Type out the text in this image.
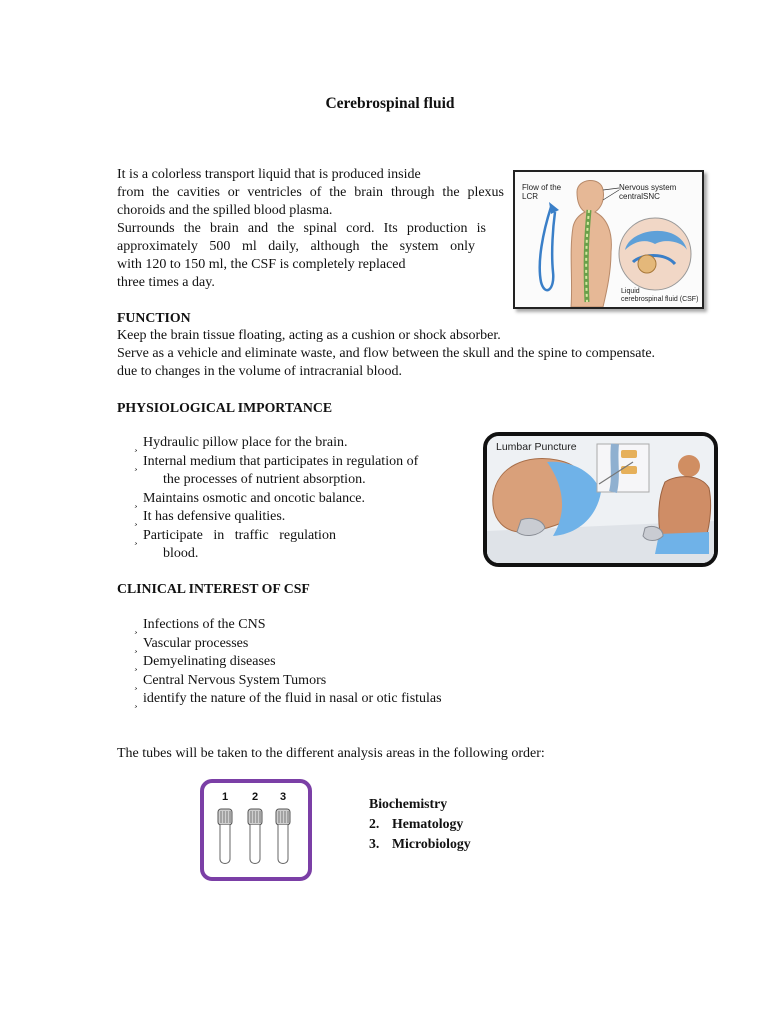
Cerebrospinal fluid
It is a colorless transport liquid that is produced inside
from the cavities or ventricles of the brain through the plexus
choroids and the spilled blood plasma.
Surrounds the brain and the spinal cord. Its production is
approximately 500 ml daily, although the system only
with 120 to 150 ml, the CSF is completely replaced
three times a day.
Flow of the
LCR
Nervous system
centralSNC
Liquid
cerebrospinal fluid (CSF)
FUNCTION
Keep the brain tissue floating, acting as a cushion or shock absorber.
Serve as a vehicle and eliminate waste, and flow between the skull and the spine to compensate.
due to changes in the volume of intracranial blood.
PHYSIOLOGICAL IMPORTANCE
¸ Hydraulic pillow place for the brain.
¸ Internal medium that participates in regulation of
the processes of nutrient absorption.
¸ Maintains osmotic and oncotic balance.
¸ It has defensive qualities.
¸ Participate   in   traffic   regulation
blood.
Lumbar Puncture
CLINICAL INTEREST OF CSF
¸ Infections of the CNS
¸ Vascular processes
¸ Demyelinating diseases
¸ Central Nervous System Tumors
¸ identify the nature of the fluid in nasal or otic fistulas
The tubes will be taken to the different analysis areas in the following order:
1 2 3	Biochemistry
2. Hematology
3. Microbiology
